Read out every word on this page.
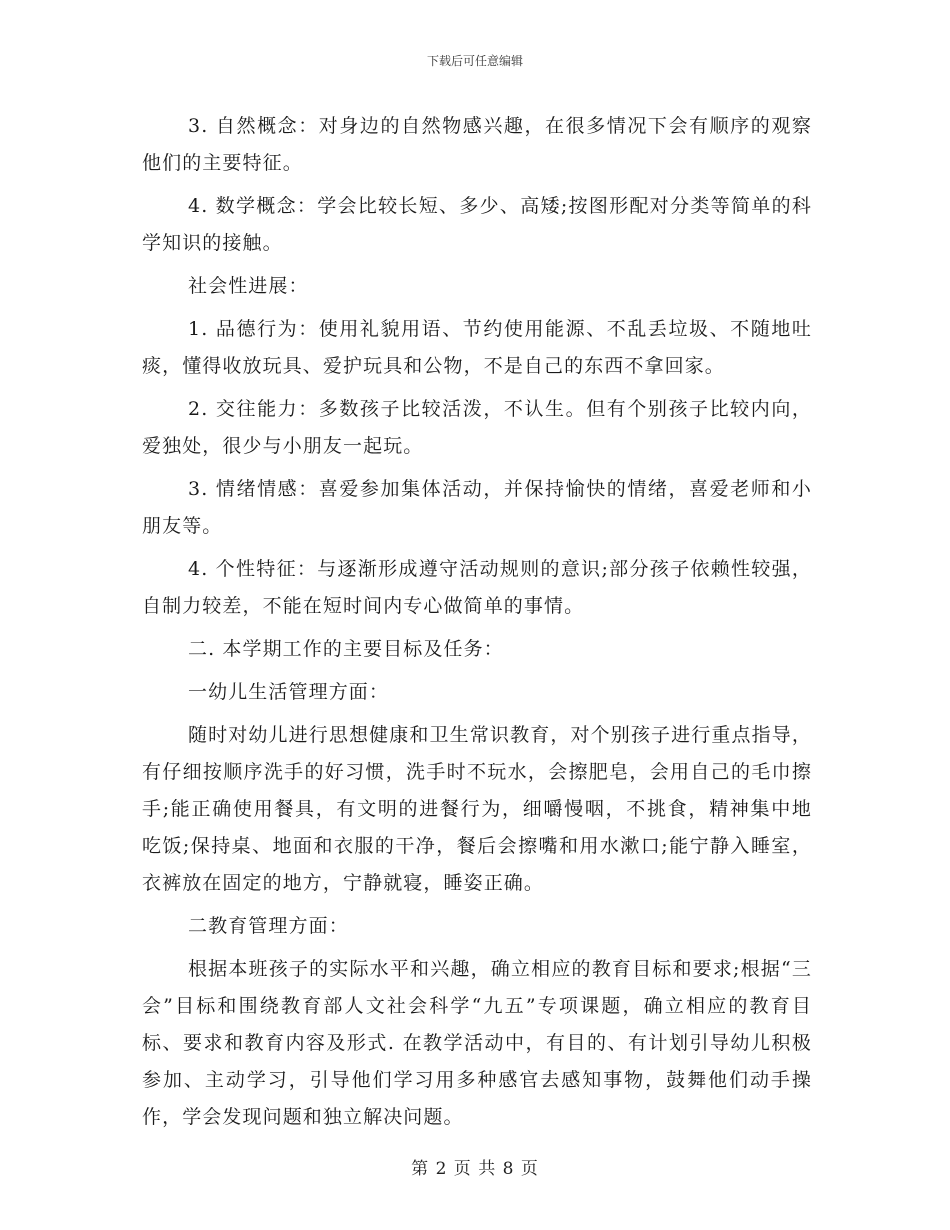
下载后可任意编辑

3. 自然概念：对身边的自然物感兴趣，在很多情况下会有顺序的观察他们的主要特征。

4. 数学概念：学会比较长短、多少、高矮;按图形配对分类等简单的科学知识的接触。

社会性进展：

1. 品德行为：使用礼貌用语、节约使用能源、不乱丢垃圾、不随地吐痰，懂得收放玩具、爱护玩具和公物，不是自己的东西不拿回家。

2. 交往能力：多数孩子比较活泼，不认生。但有个别孩子比较内向，爱独处，很少与小朋友一起玩。

3. 情绪情感：喜爱参加集体活动，并保持愉快的情绪，喜爱老师和小朋友等。

4. 个性特征：与逐渐形成遵守活动规则的意识;部分孩子依赖性较强，自制力较差，不能在短时间内专心做简单的事情。

二. 本学期工作的主要目标及任务：

一幼儿生活管理方面：

随时对幼儿进行思想健康和卫生常识教育，对个别孩子进行重点指导，有仔细按顺序洗手的好习惯，洗手时不玩水，会擦肥皂，会用自己的毛巾擦手;能正确使用餐具，有文明的进餐行为，细嚼慢咽，不挑食，精神集中地吃饭;保持桌、地面和衣服的干净，餐后会擦嘴和用水漱口;能宁静入睡室，衣裤放在固定的地方，宁静就寝，睡姿正确。

二教育管理方面：

根据本班孩子的实际水平和兴趣，确立相应的教育目标和要求;根据“三会”目标和围绕教育部人文社会科学“九五”专项课题，确立相应的教育目标、要求和教育内容及形式. 在教学活动中，有目的、有计划引导幼儿积极参加、主动学习，引导他们学习用多种感官去感知事物，鼓舞他们动手操作，学会发现问题和独立解决问题。

第 2 页 共 8 页
